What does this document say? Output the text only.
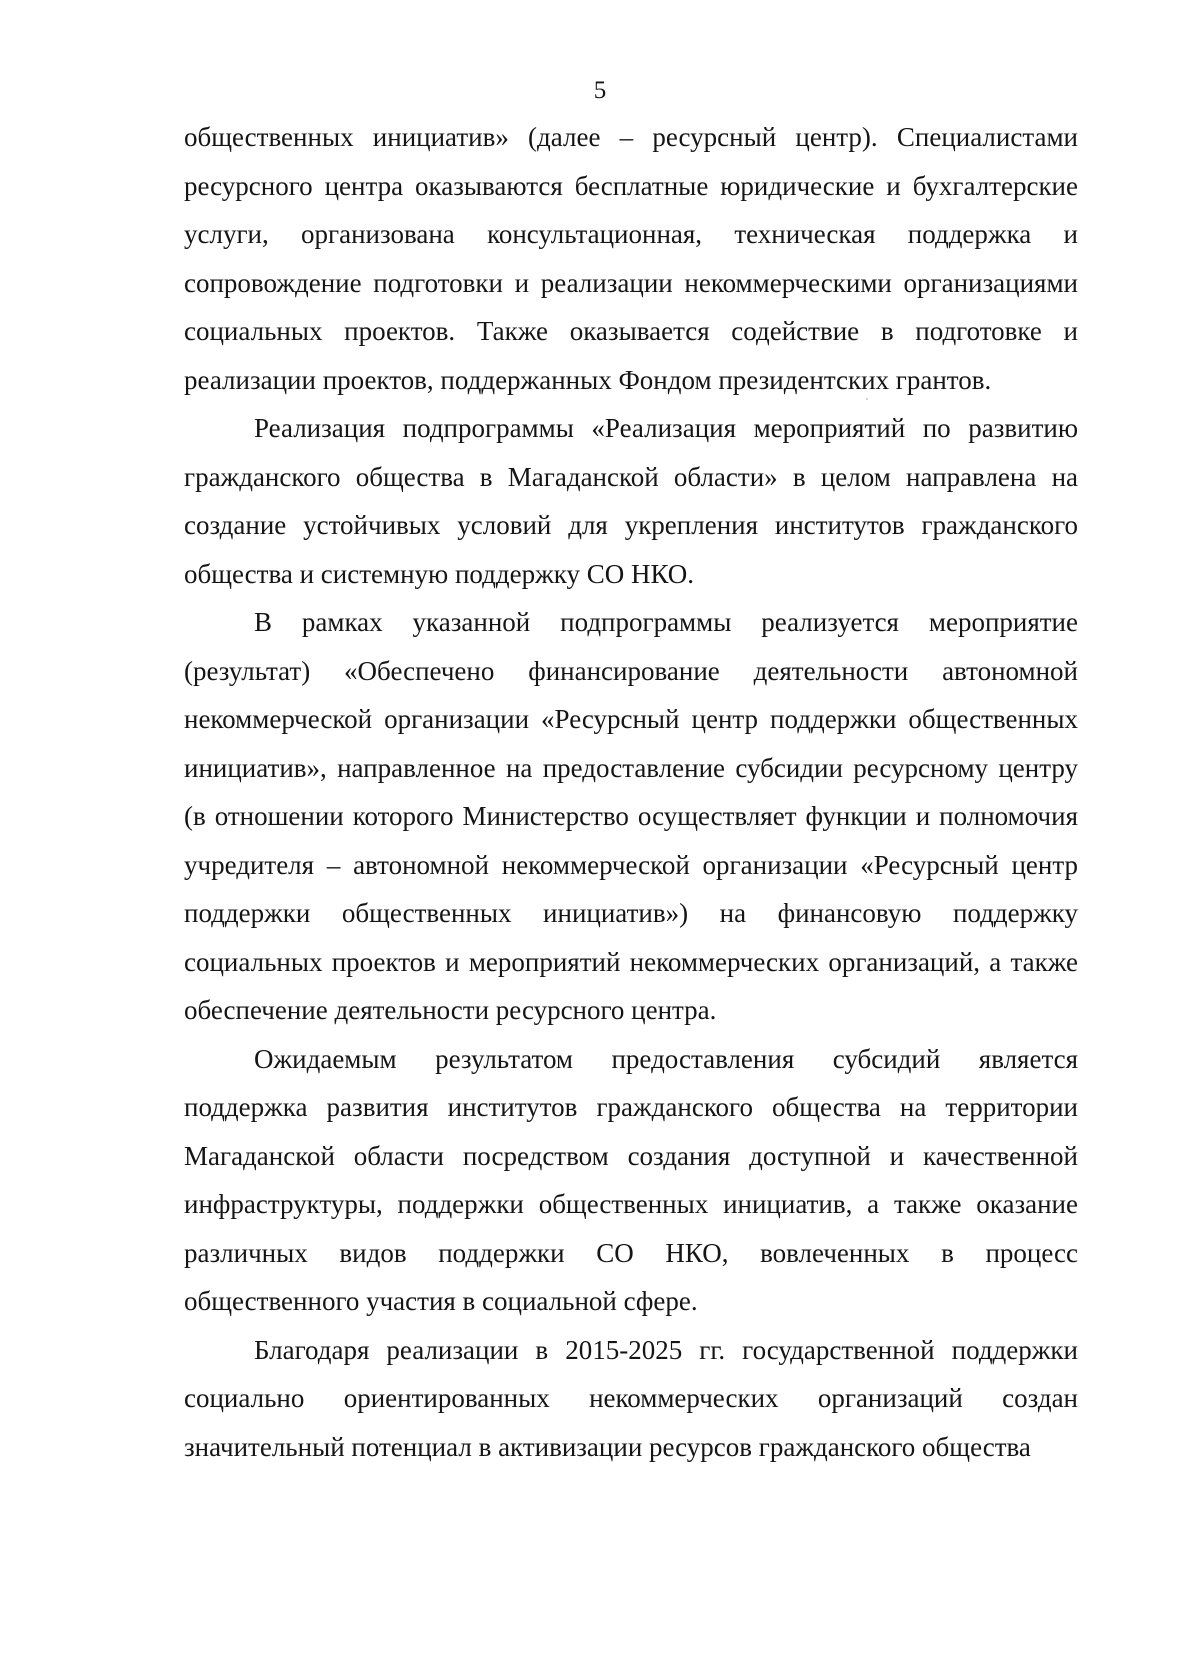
5

общественных инициатив» (далее – ресурсный центр). Специалистами ресурсного центра оказываются бесплатные юридические и бухгалтерские услуги, организована консультационная, техническая поддержка и сопровождение подготовки и реализации некоммерческими организациями социальных проектов. Также оказывается содействие в подготовке и реализации проектов, поддержанных Фондом президентских грантов.

Реализация подпрограммы «Реализация мероприятий по развитию гражданского общества в Магаданской области» в целом направлена на создание устойчивых условий для укрепления институтов гражданского общества и системную поддержку СО НКО.

В рамках указанной подпрограммы реализуется мероприятие (результат) «Обеспечено финансирование деятельности автономной некоммерческой организации «Ресурсный центр поддержки общественных инициатив», направленное на предоставление субсидии ресурсному центру (в отношении которого Министерство осуществляет функции и полномочия учредителя – автономной некоммерческой организации «Ресурсный центр поддержки общественных инициатив») на финансовую поддержку социальных проектов и мероприятий некоммерческих организаций, а также обеспечение деятельности ресурсного центра.

Ожидаемым результатом предоставления субсидий является поддержка развития институтов гражданского общества на территории Магаданской области посредством создания доступной и качественной инфраструктуры, поддержки общественных инициатив, а также оказание различных видов поддержки СО НКО, вовлеченных в процесс общественного участия в социальной сфере.

Благодаря реализации в 2015-2025 гг. государственной поддержки социально ориентированных некоммерческих организаций создан значительный потенциал в активизации ресурсов гражданского общества
